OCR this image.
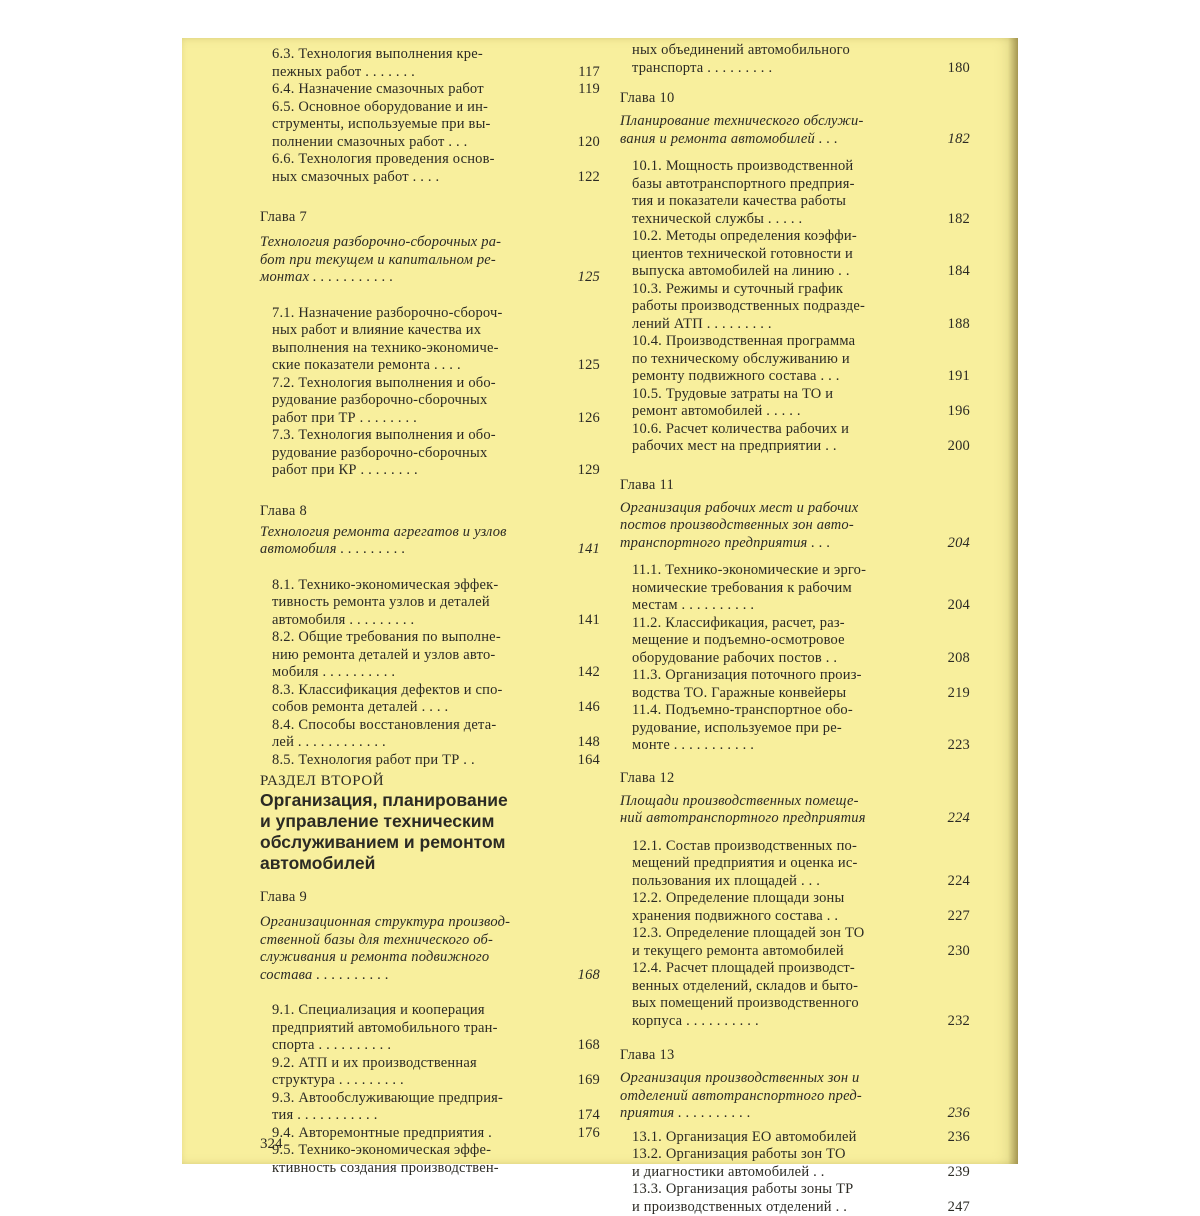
6.3. Технология выполнения кре-
пежных работ . . . . . . .	117
6.4. Назначение смазочных работ	119
6.5. Основное оборудование и ин-
струменты, используемые при вы-
полнении смазочных работ . . .	120
6.6. Технология проведения основ-
ных смазочных работ . . . .	122
Глава 7
Технология разборочно-сборочных ра-
бот при текущем и капитальном ре-
монтах . . . . . . . . . . .	125
7.1. Назначение разборочно-сбороч-
ных работ и влияние качества их
выполнения на технико-экономиче-
ские показатели ремонта . . . .	125
7.2. Технология выполнения и обо-
рудование разборочно-сборочных
работ при ТР . . . . . . . .	126
7.3. Технология выполнения и обо-
рудование разборочно-сборочных
работ при КР . . . . . . . .	129
Глава 8
Технология ремонта агрегатов и узлов
автомобиля . . . . . . . . .	141
8.1. Технико-экономическая эффек-
тивность ремонта узлов и деталей
автомобиля . . . . . . . . .	141
8.2. Общие требования по выполне-
нию ремонта деталей и узлов авто-
мобиля . . . . . . . . . .	142
8.3. Классификация дефектов и спо-
собов ремонта деталей . . . .	146
8.4. Способы восстановления дета-
лей . . . . . . . . . . . .	148
8.5. Технология работ при ТР . .	164
РАЗДЕЛ ВТОРОЙ
Организация, планирование
и управление техническим
обслуживанием и ремонтом
автомобилей
Глава 9
Организационная структура производ-
ственной базы для технического об-
служивания и ремонта подвижного
состава . . . . . . . . . .	168
9.1. Специализация и кооперация
предприятий автомобильного тран-
спорта . . . . . . . . . .	168
9.2. АТП и их производственная
структура . . . . . . . . .	169
9.3. Автообслуживающие предприя-
тия . . . . . . . . . . .	174
9.4. Авторемонтные предприятия .	176
9.5. Технико-экономическая эффе-
ктивность создания производствен-
ных объединений автомобильного
транспорта . . . . . . . . .	180
Глава 10
Планирование технического обслужи-
вания и ремонта автомобилей . . .	182
10.1. Мощность производственной
базы автотранспортного предприя-
тия и показатели качества работы
технической службы . . . . .	182
10.2. Методы определения коэффи-
циентов технической готовности и
выпуска автомобилей на линию . .	184
10.3. Режимы и суточный график
работы производственных подразде-
лений АТП . . . . . . . . .	188
10.4. Производственная программа
по техническому обслуживанию и
ремонту подвижного состава . . .	191
10.5. Трудовые затраты на ТО и
ремонт автомобилей . . . . .	196
10.6. Расчет количества рабочих и
рабочих мест на предприятии . .	200
Глава 11
Организация рабочих мест и рабочих
постов производственных зон авто-
транспортного предприятия . . .	204
11.1. Технико-экономические и эрго-
номические требования к рабочим
местам . . . . . . . . . .	204
11.2. Классификация, расчет, раз-
мещение и подъемно-осмотровое
оборудование рабочих постов . .	208
11.3. Организация поточного произ-
водства ТО. Гаражные конвейеры	219
11.4. Подъемно-транспортное обо-
рудование, используемое при ре-
монте . . . . . . . . . . .	223
Глава 12
Площади производственных помеще-
ний автотранспортного предприятия	224
12.1. Состав производственных по-
мещений предприятия и оценка ис-
пользования их площадей . . .	224
12.2. Определение площади зоны
хранения подвижного состава . .	227
12.3. Определение площадей зон ТО
и текущего ремонта автомобилей	230
12.4. Расчет площадей производст-
венных отделений, складов и быто-
вых помещений производственного
корпуса . . . . . . . . . .	232
Глава 13
Организация производственных зон и
отделений автотранспортного пред-
приятия . . . . . . . . . .	236
13.1. Организация ЕО автомобилей	236
13.2. Организация работы зон ТО
и диагностики автомобилей . .	239
13.3. Организация работы зоны ТР
и производственных отделений . .	247
324
